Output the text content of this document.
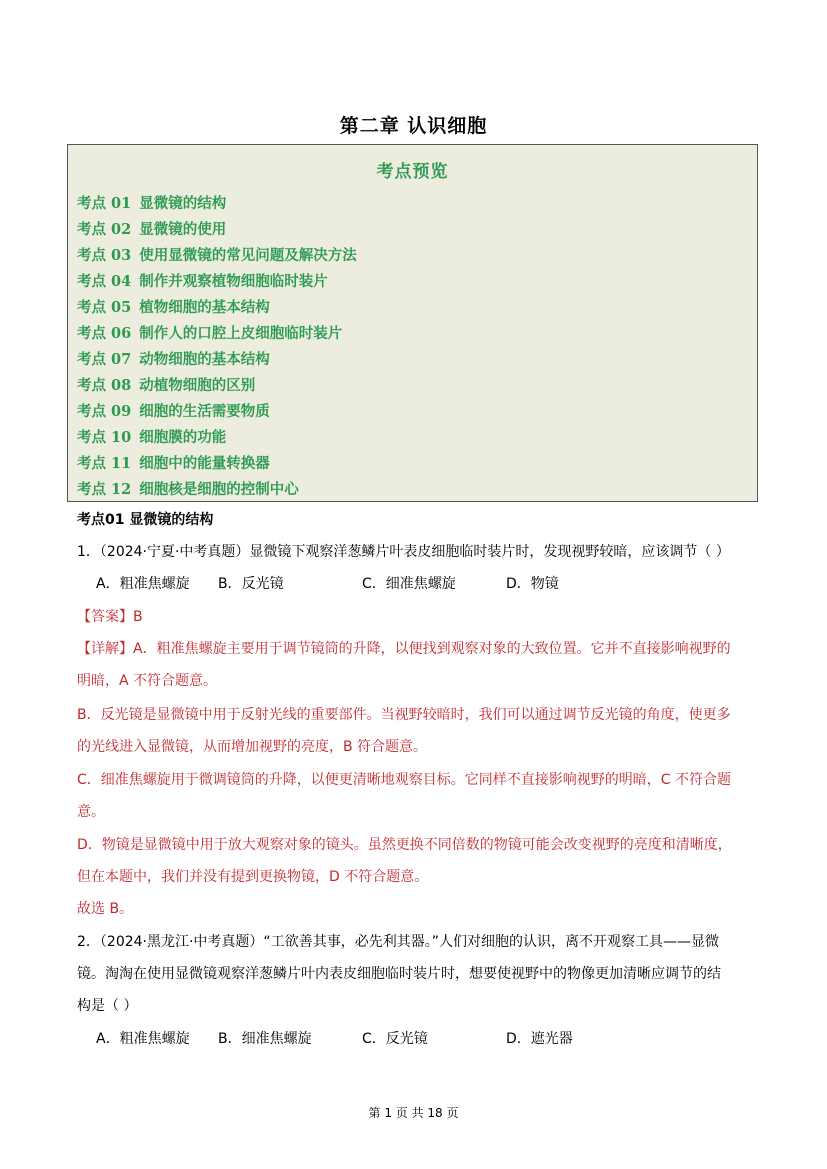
第二章 认识细胞
考点预览
考点 01 显微镜的结构
考点 02 显微镜的使用
考点 03 使用显微镜的常见问题及解决方法
考点 04 制作并观察植物细胞临时装片
考点 05 植物细胞的基本结构
考点 06 制作人的口腔上皮细胞临时装片
考点 07 动物细胞的基本结构
考点 08 动植物细胞的区别
考点 09 细胞的生活需要物质
考点 10 细胞膜的功能
考点 11 细胞中的能量转换器
考点 12 细胞核是细胞的控制中心
考点01 显微镜的结构
1．（2024·宁夏·中考真题）显微镜下观察洋葱鳞片叶表皮细胞临时装片时，发现视野较暗，应该调节（ ）
A．粗准焦螺旋 B．反光镜	C．细准焦螺旋	D．物镜
【答案】B
【详解】A．粗准焦螺旋主要用于调节镜筒的升降，以便找到观察对象的大致位置。它并不直接影响视野的
明暗，A 不符合题意。
B．反光镜是显微镜中用于反射光线的重要部件。当视野较暗时，我们可以通过调节反光镜的角度，使更多
的光线进入显微镜，从而增加视野的亮度，B 符合题意。
C．细准焦螺旋用于微调镜筒的升降，以便更清晰地观察目标。它同样不直接影响视野的明暗，C 不符合题
意。
D．物镜是显微镜中用于放大观察对象的镜头。虽然更换不同倍数的物镜可能会改变视野的亮度和清晰度，
但在本题中，我们并没有提到更换物镜，D 不符合题意。
故选 B。
2．（2024·黑龙江·中考真题）“工欲善其事，必先利其器。”人们对细胞的认识，离不开观察工具——显微
镜。淘淘在使用显微镜观察洋葱鳞片叶内表皮细胞临时装片时，想要使视野中的物像更加清晰应调节的结
构是（ ）
A．粗准焦螺旋 B．细准焦螺旋	C．反光镜	D．遮光器
第 1 页 共 18 页
